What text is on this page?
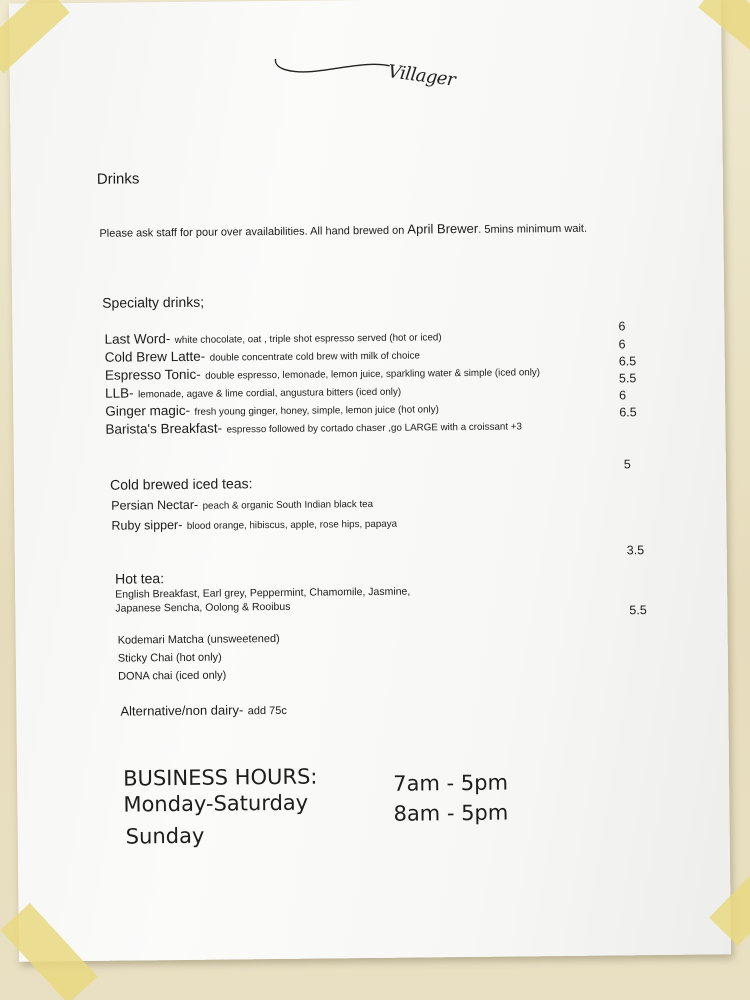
Villager
Drinks
Please ask staff for pour over availabilities. All hand brewed on April Brewer. 5mins minimum wait.
Specialty drinks;
Last Word- white chocolate, oat , triple shot espresso served (hot or iced)
6
Cold Brew Latte- double concentrate cold brew with milk of choice
6
Espresso Tonic- double espresso, lemonade, lemon juice, sparkling water & simple (iced only)
6.5
LLB- lemonade, agave & lime cordial, angustura bitters (iced only)
5.5
Ginger magic- fresh young ginger, honey, simple, lemon juice (hot only)
6
Barista's Breakfast- espresso followed by cortado chaser ,go LARGE with a croissant +3
6.5
5
Cold brewed iced teas:
Persian Nectar- peach & organic South Indian black tea
Ruby sipper- blood orange, hibiscus, apple, rose hips, papaya
3.5
Hot tea:
English Breakfast, Earl grey, Peppermint, Chamomile, Jasmine,
Japanese Sencha, Oolong & Rooibus	5.5
Kodemari Matcha (unsweetened)
Sticky Chai (hot only)
DONA chai (iced only)
Alternative/non dairy- add 75c
BUSINESS HOURS:
Monday-Saturday
Sunday
7am - 5pm
8am - 5pm
